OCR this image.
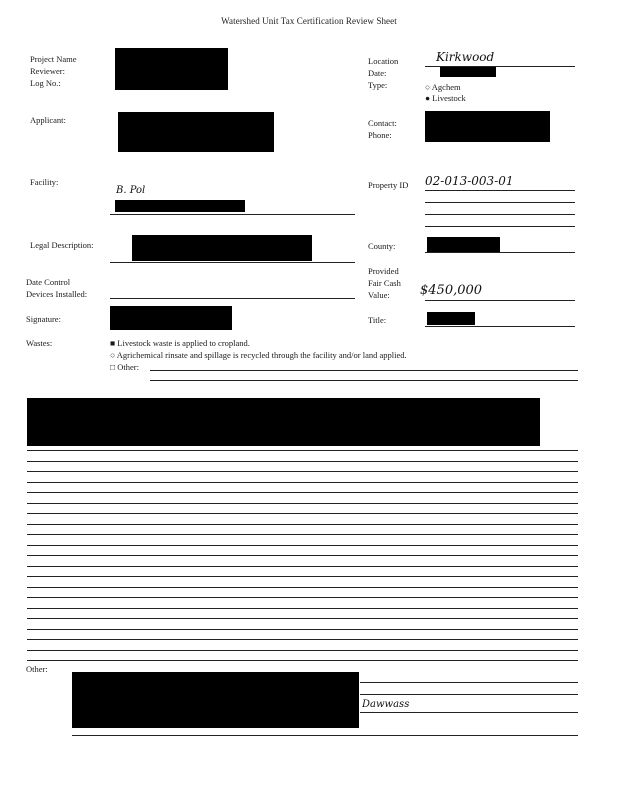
Watershed Unit Tax Certification Review Sheet
Project Name
Reviewer:
Log No.:
Applicant:
Facility:
B. Pol
Legal Description:
Date Control
Devices Installed:
Signature:
Location	Kirkwood
Date:
Type:	○ Agchem
● Livestock
Contact:
Phone:
Property ID 02-013-003-01
County:
Provided
Fair Cash
Value: $450,000
Title:
Wastes:	■ Livestock waste is applied to cropland.
○ Agrichemical rinsate and spillage is recycled through the facility and/or land applied.
□ Other:
Other:
Dawwass
